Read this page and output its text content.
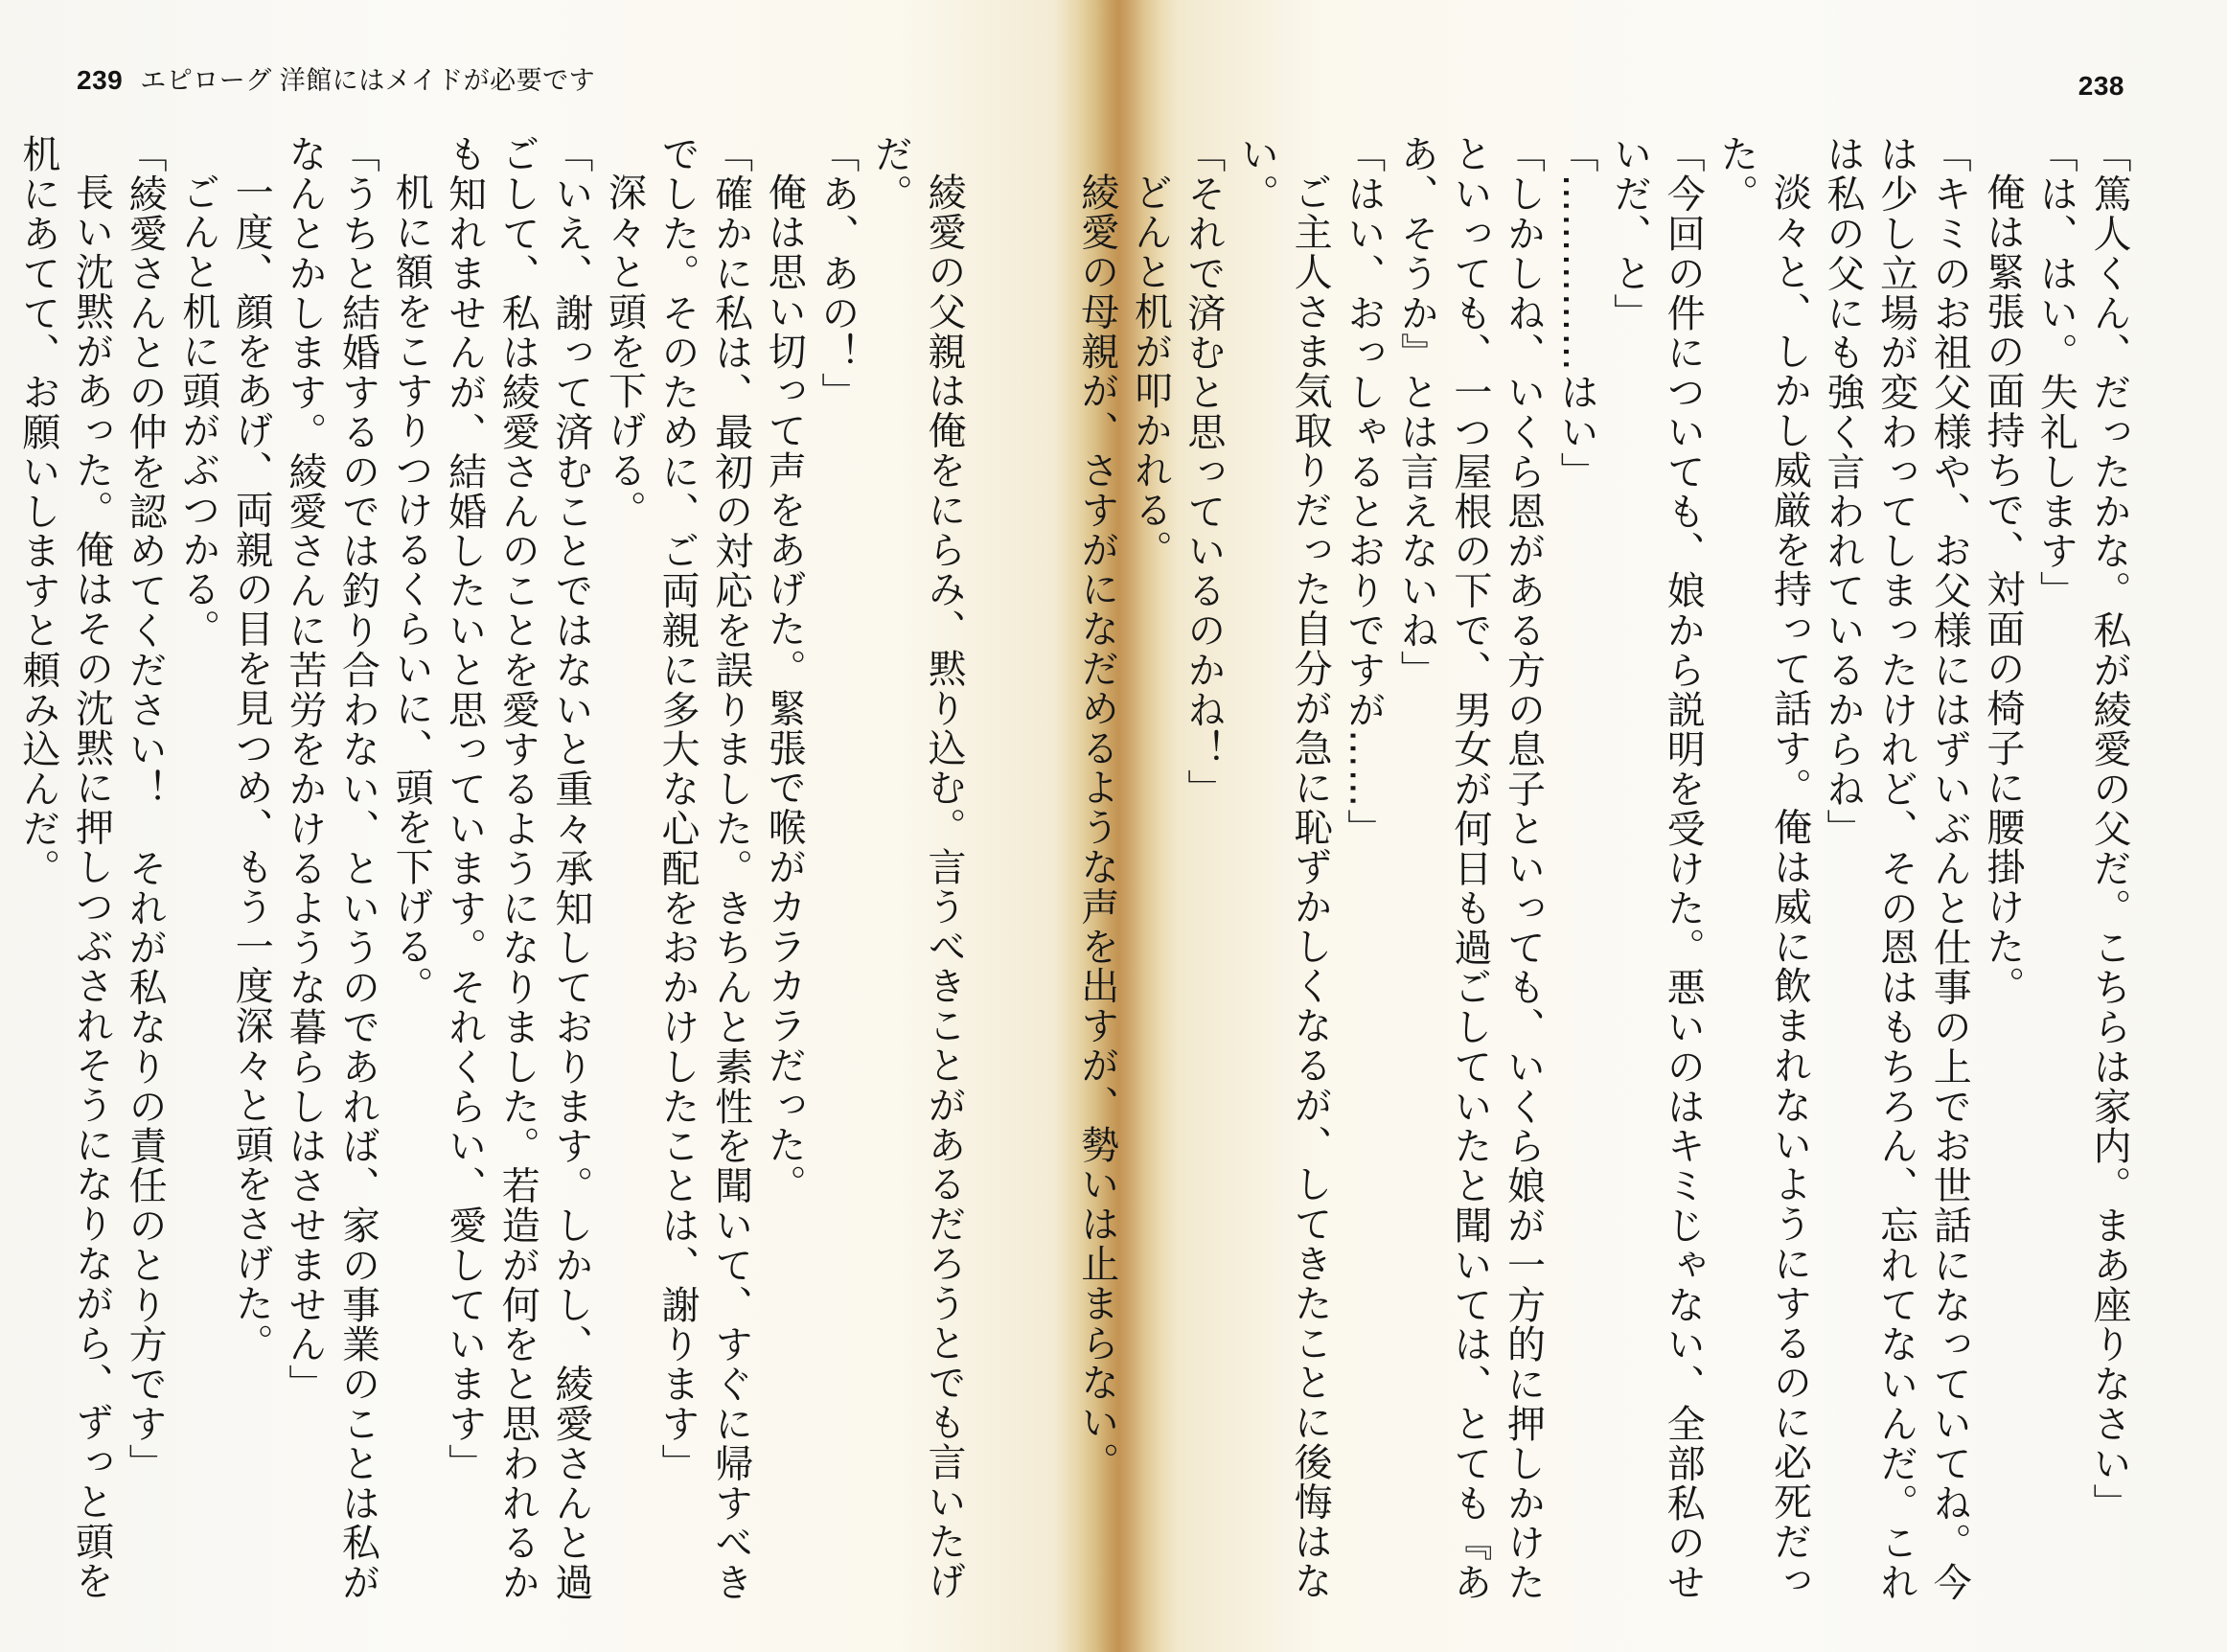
239 エピローグ 洋館にはメイドが必要です

綾愛の父親は俺をにらみ、黙り込む。言うべきことがあるだろうとでも言いたげだ。

「あ、あの！」

俺は思い切って声をあげた。緊張で喉がカラカラだった。

「確かに私は、最初の対応を誤りました。きちんと素性を聞いて、すぐに帰すべきでした。そのために、ご両親に多大な心配をおかけしたことは、謝ります」

深々と頭を下げる。

「いえ、謝って済むことではないと重々承知しております。しかし、綾愛さんと過ごして、私は綾愛さんのことを愛するようになりました。若造が何をと思われるかも知れませんが、結婚したいと思っています。それくらい、愛しています」

机に額をこすりつけるくらいに、頭を下げる。

「うちと結婚するのでは釣り合わない、というのであれば、家の事業のことは私がなんとかします。綾愛さんに苦労をかけるような暮らしはさせません」

一度、顔をあげ、両親の目を見つめ、もう一度深々と頭をさげた。

ごんと机に頭がぶつかる。

「綾愛さんとの仲を認めてください！　それが私なりの責任のとり方です」

長い沈黙があった。俺はその沈黙に押しつぶされそうになりながら、ずっと頭を机にあてて、お願いしますと頼み込んだ。

238

「篤人くん、だったかな。私が綾愛の父だ。こちらは家内。まあ座りなさい」

「は、はい。失礼します」

俺は緊張の面持ちで、対面の椅子に腰掛けた。

「キミのお祖父様や、お父様にはずいぶんと仕事の上でお世話になっていてね。今は少し立場が変わってしまったけれど、その恩はもちろん、忘れてないんだ。これは私の父にも強く言われているからね」

淡々と、しかし威厳を持って話す。俺は威に飲まれないようにするのに必死だった。

「今回の件についても、娘から説明を受けた。悪いのはキミじゃない、全部私のせいだ、と」

「……………はい」

「しかしね、いくら恩がある方の息子といっても、いくら娘が一方的に押しかけたといっても、一つ屋根の下で、男女が何日も過ごしていたと聞いては、とても『ああ、そうか』とは言えないね」

「はい、おっしゃるとおりですが……」

ご主人さま気取りだった自分が急に恥ずかしくなるが、してきたことに後悔はない。

「それで済むと思っているのかね！」

どんと机が叩かれる。

綾愛の母親が、さすがになだめるような声を出すが、勢いは止まらない。
